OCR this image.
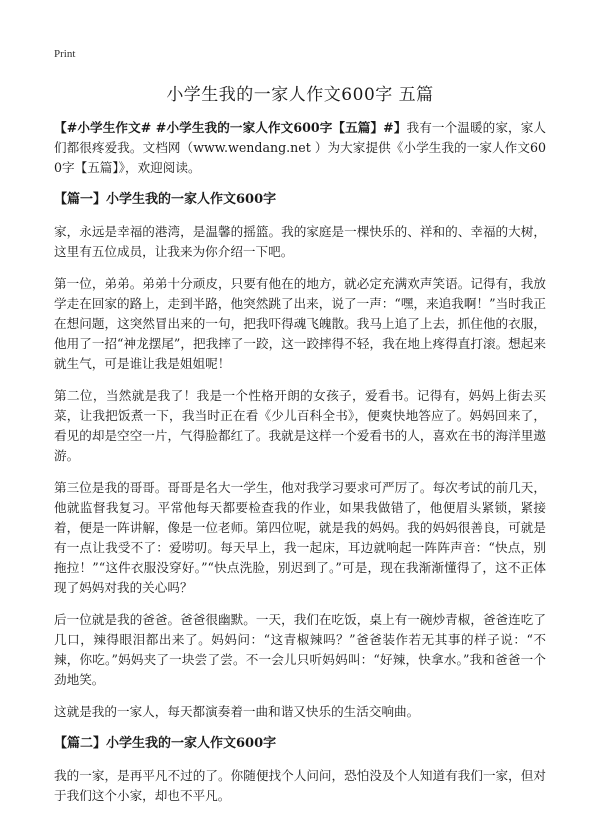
Print
小学生我的一家人作文600字 五篇

【#小学生作文# #小学生我的一家人作文600字【五篇】#】我有一个温暖的家，家人们都很疼爱我。文档网（www.wendang.net ）为大家提供《小学生我的一家人作文600字【五篇】》，欢迎阅读。

【篇一】小学生我的一家人作文600字

家，永远是幸福的港湾，是温馨的摇篮。我的家庭是一棵快乐的、祥和的、幸福的大树，这里有五位成员，让我来为你介绍一下吧。

第一位，弟弟。弟弟十分顽皮，只要有他在的地方，就必定充满欢声笑语。记得有，我放学走在回家的路上，走到半路，他突然跳了出来，说了一声：“嘿，来追我啊！”当时我正在想问题，这突然冒出来的一句，把我吓得魂飞魄散。我马上追了上去，抓住他的衣服，他用了一招“神龙摆尾”，把我摔了一跤，这一跤摔得不轻，我在地上疼得直打滚。想起来就生气，可是谁让我是姐姐呢！

第二位，当然就是我了！我是一个性格开朗的女孩子，爱看书。记得有，妈妈上街去买菜，让我把饭煮一下，我当时正在看《少儿百科全书》，便爽快地答应了。妈妈回来了，看见的却是空空一片，气得脸都红了。我就是这样一个爱看书的人，喜欢在书的海洋里遨游。

第三位是我的哥哥。哥哥是名大一学生，他对我学习要求可严厉了。每次考试的前几天，他就监督我复习。平常他每天都要检查我的作业，如果我做错了，他便眉头紧锁，紧接着，便是一阵讲解，像是一位老师。第四位呢，就是我的妈妈。我的妈妈很善良，可就是有一点让我受不了：爱唠叨。每天早上，我一起床，耳边就响起一阵阵声音：“快点，别拖拉！”“这件衣服没穿好。”“快点洗脸，别迟到了。”可是，现在我渐渐懂得了，这不正体现了妈妈对我的关心吗？

后一位就是我的爸爸。爸爸很幽默。一天，我们在吃饭，桌上有一碗炒青椒，爸爸连吃了几口，辣得眼泪都出来了。妈妈问：“这青椒辣吗？”爸爸装作若无其事的样子说：“不辣，你吃。”妈妈夹了一块尝了尝。不一会儿只听妈妈叫：“好辣，快拿水。”我和爸爸一个劲地笑。

这就是我的一家人，每天都演奏着一曲和谐又快乐的生活交响曲。

【篇二】小学生我的一家人作文600字

我的一家，是再平凡不过的了。你随便找个人问问，恐怕没及个人知道有我们一家，但对于我们这个小家，却也不平凡。
